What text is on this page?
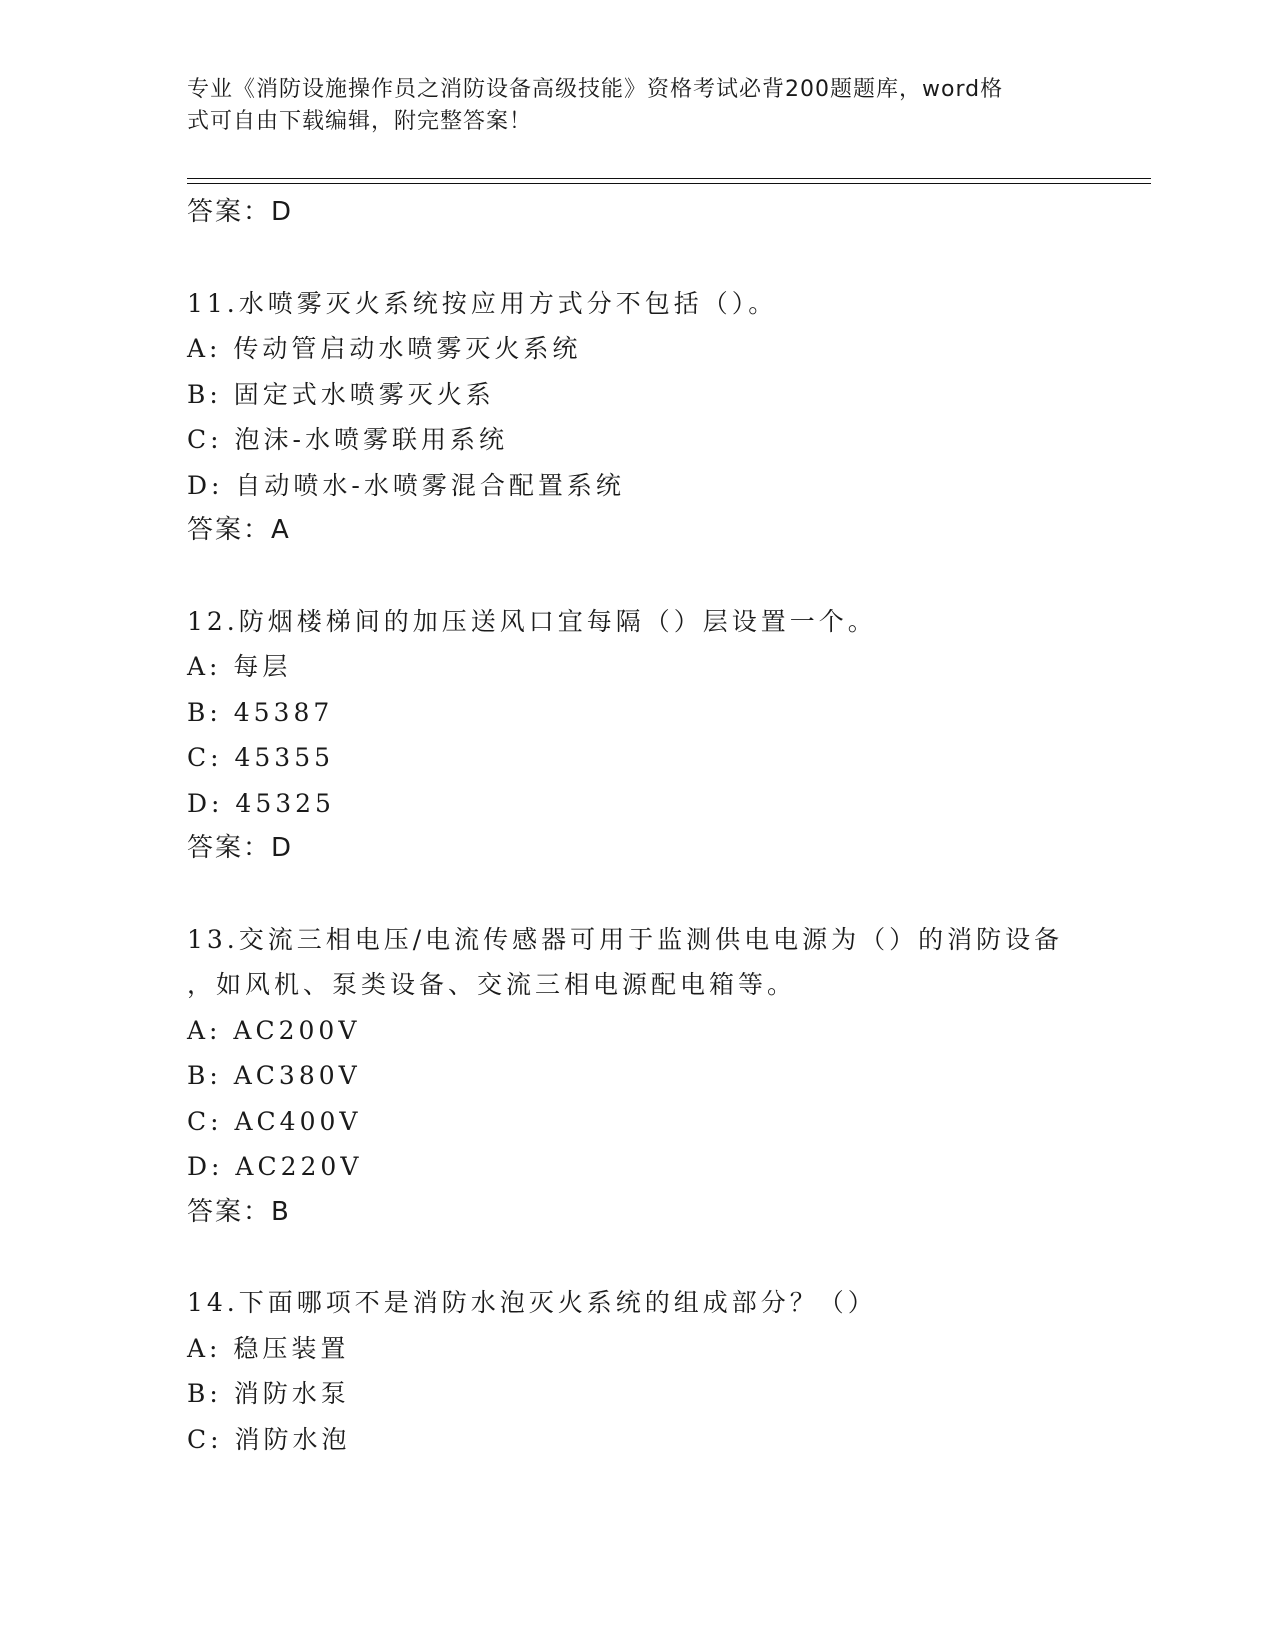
专业《消防设施操作员之消防设备高级技能》资格考试必背200题题库，word格
式可自由下载编辑，附完整答案！
答案：D
11.水喷雾灭火系统按应用方式分不包括（）。
A: 传动管启动水喷雾灭火系统
B: 固定式水喷雾灭火系
C: 泡沫-水喷雾联用系统
D: 自动喷水-水喷雾混合配置系统
答案：A
12.防烟楼梯间的加压送风口宜每隔（）层设置一个。
A: 每层
B: 45387
C: 45355
D: 45325
答案：D
13.交流三相电压/电流传感器可用于监测供电电源为（）的消防设备
，如风机、泵类设备、交流三相电源配电箱等。
A: AC200V
B: AC380V
C: AC400V
D: AC220V
答案：B
14.下面哪项不是消防水泡灭火系统的组成部分？（）
A: 稳压装置
B: 消防水泵
C: 消防水泡
